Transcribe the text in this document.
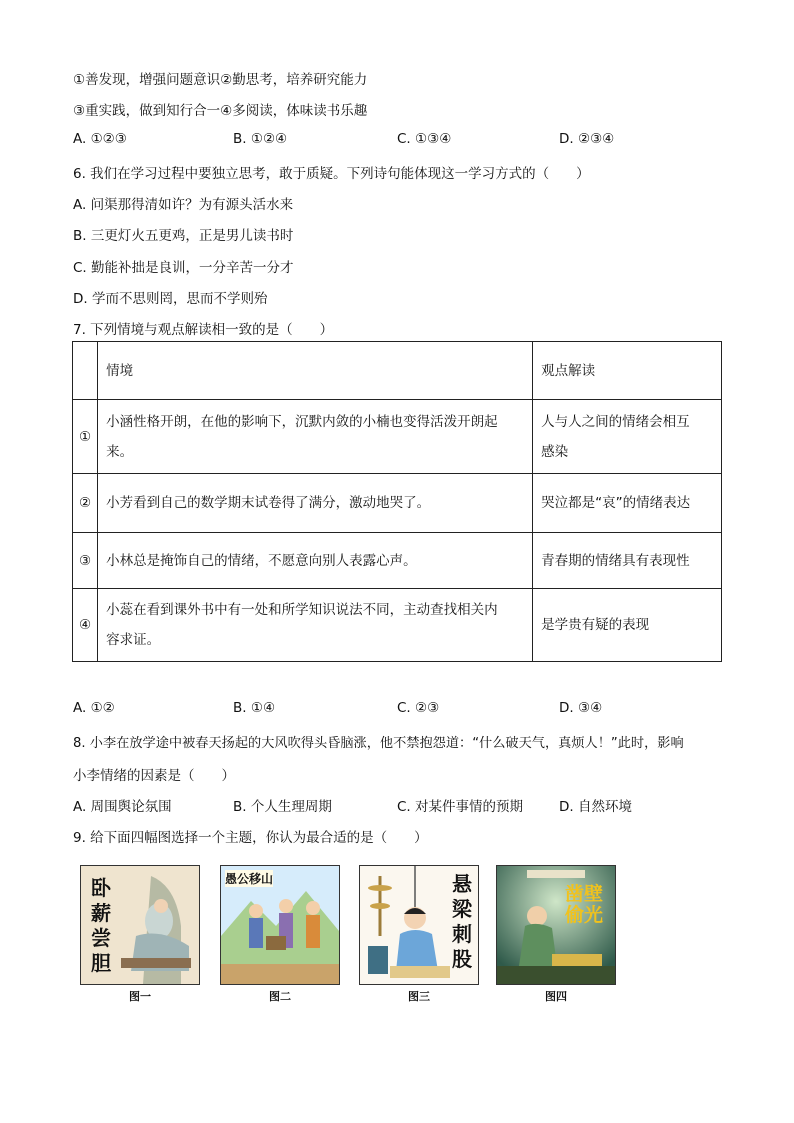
①善发现，增强问题意识②勤思考，培养研究能力
③重实践，做到知行合一④多阅读，体味读书乐趣
A. ①②③	B. ①②④	C. ①③④	D. ②③④
6. 我们在学习过程中要独立思考，敢于质疑。下列诗句能体现这一学习方式的（　　）
A. 问渠那得清如许？为有源头活水来
B. 三更灯火五更鸡，正是男儿读书时
C. 勤能补拙是良训，一分辛苦一分才
D. 学而不思则罔，思而不学则殆
7. 下列情境与观点解读相一致的是（　　）
	情境	观点解读
①	小涵性格开朗，在他的影响下，沉默内敛的小楠也变得活泼开朗起
来。	人与人之间的情绪会相互
感染
②	小芳看到自己的数学期末试卷得了满分，激动地哭了。	哭泣都是“哀”的情绪表达
③	小林总是掩饰自己的情绪，不愿意向别人表露心声。	青春期的情绪具有表现性
④	小蕊在看到课外书中有一处和所学知识说法不同，主动查找相关内
容求证。	是学贵有疑的表现
A. ①②	B. ①④	C. ②③	D. ③④
8. 小李在放学途中被春天扬起的大风吹得头昏脑涨，他不禁抱怨道：“什么破天气，真烦人！”此时，影响
小李情绪的因素是（　　）
A. 周围舆论氛围	B. 个人生理周期	C. 对某件事情的预期	D. 自然环境
9. 给下面四幅图选择一个主题，你认为最合适的是（　　）
卧
薪
尝
胆
图一
愚公移山
图二
悬
梁
刺
股
图三
凿壁
偷光
图四
